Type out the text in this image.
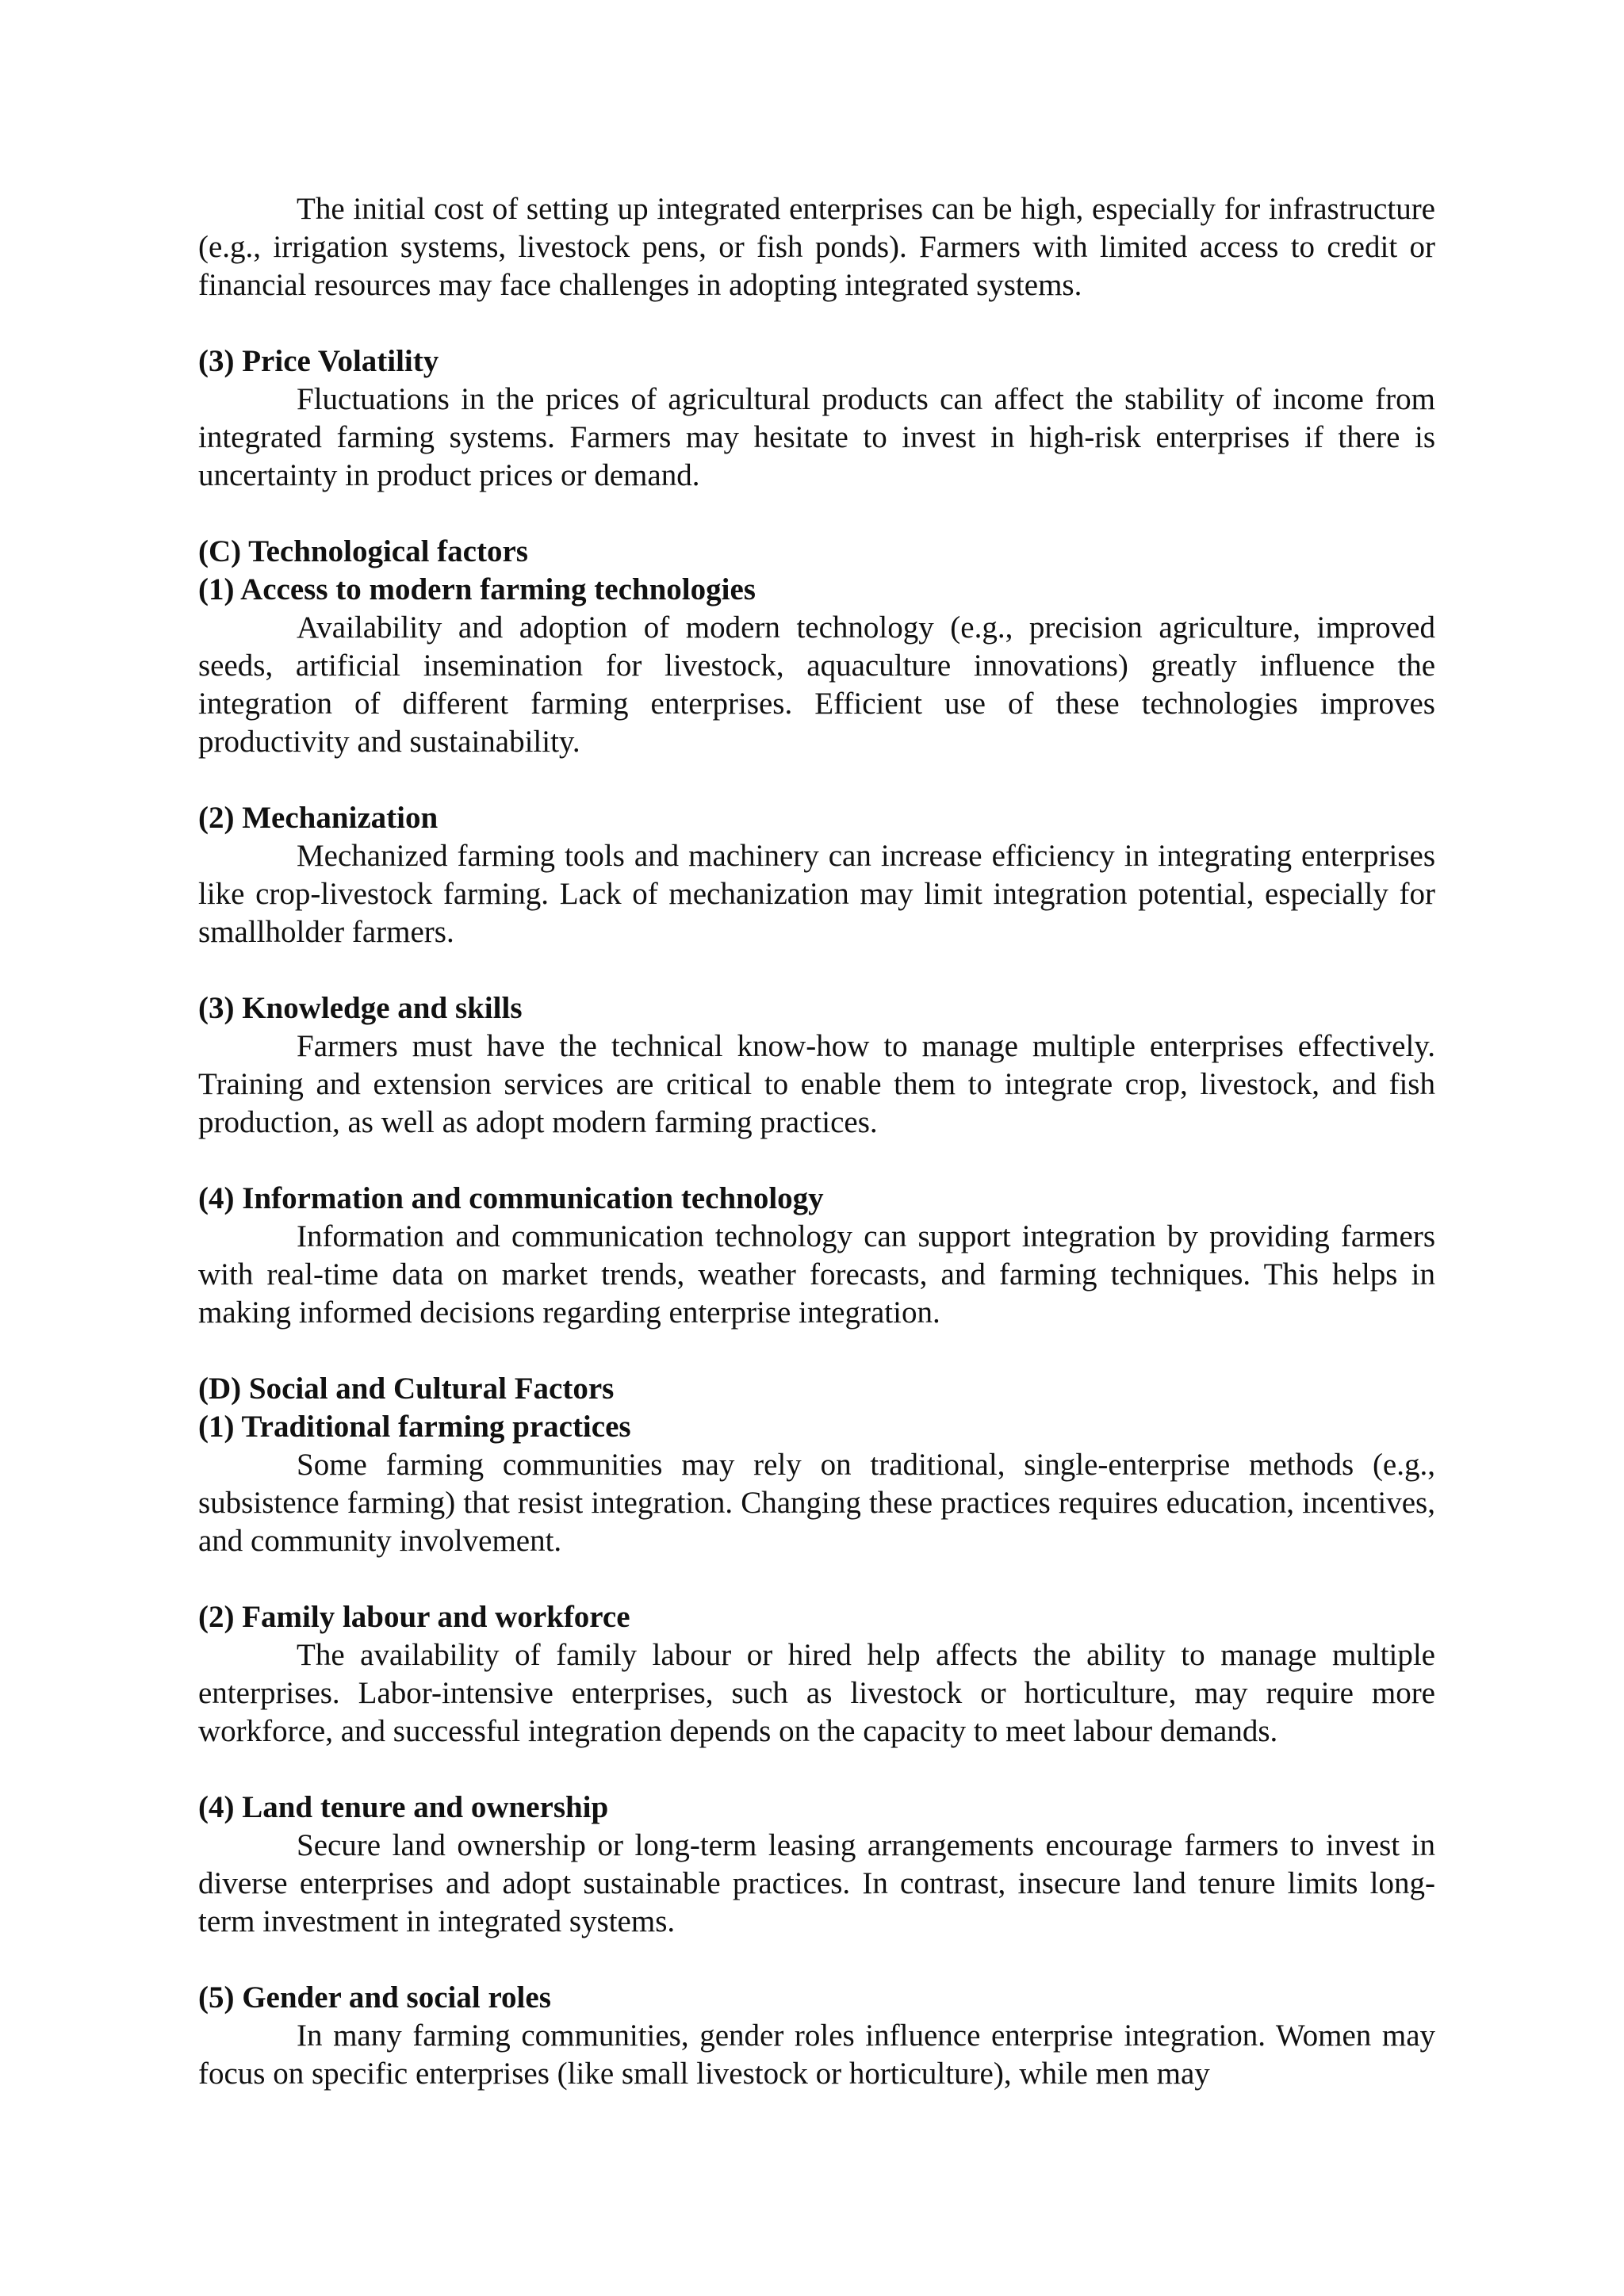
The initial cost of setting up integrated enterprises can be high, especially for infrastructure (e.g., irrigation systems, livestock pens, or fish ponds). Farmers with limited access to credit or financial resources may face challenges in adopting integrated systems.

(3) Price Volatility

Fluctuations in the prices of agricultural products can affect the stability of income from integrated farming systems. Farmers may hesitate to invest in high-risk enterprises if there is uncertainty in product prices or demand.

(C) Technological factors

(1) Access to modern farming technologies

Availability and adoption of modern technology (e.g., precision agriculture, improved seeds, artificial insemination for livestock, aquaculture innovations) greatly influence the integration of different farming enterprises. Efficient use of these technologies improves productivity and sustainability.

(2) Mechanization

Mechanized farming tools and machinery can increase efficiency in integrating enterprises like crop-livestock farming. Lack of mechanization may limit integration potential, especially for smallholder farmers.

(3) Knowledge and skills

Farmers must have the technical know-how to manage multiple enterprises effectively. Training and extension services are critical to enable them to integrate crop, livestock, and fish production, as well as adopt modern farming practices.

(4) Information and communication technology

Information and communication technology can support integration by providing farmers with real-time data on market trends, weather forecasts, and farming techniques. This helps in making informed decisions regarding enterprise integration.

(D) Social and Cultural Factors

(1) Traditional farming practices

Some farming communities may rely on traditional, single-enterprise methods (e.g., subsistence farming) that resist integration. Changing these practices requires education, incentives, and community involvement.

(2) Family labour and workforce

The availability of family labour or hired help affects the ability to manage multiple enterprises. Labor-intensive enterprises, such as livestock or horticulture, may require more workforce, and successful integration depends on the capacity to meet labour demands.

(4) Land tenure and ownership

Secure land ownership or long-term leasing arrangements encourage farmers to invest in diverse enterprises and adopt sustainable practices. In contrast, insecure land tenure limits long-term investment in integrated systems.

(5) Gender and social roles

In many farming communities, gender roles influence enterprise integration. Women may focus on specific enterprises (like small livestock or horticulture), while men may
